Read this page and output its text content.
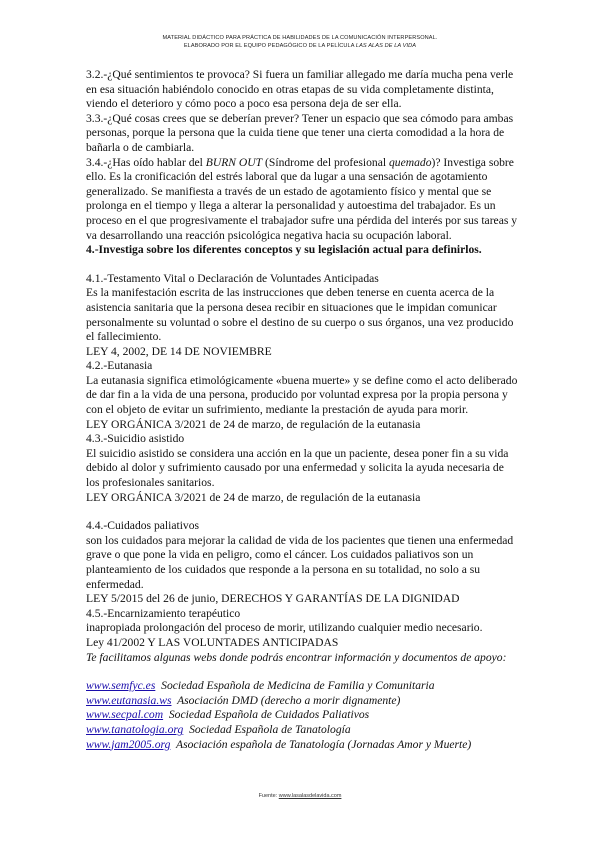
MATERIAL DIDÁCTICO PARA PRÁCTICA DE HABILIDADES DE LA COMUNICACIÓN INTERPERSONAL.
ELABORADO POR EL EQUIPO PEDAGÓGICO DE LA PELÍCULA LAS ALAS DE LA VIDA

3.2.-¿Qué sentimientos te provoca? Si fuera un familiar allegado me daría mucha pena verle en esa situación habiéndolo conocido en otras etapas de su vida completamente distinta, viendo el deterioro y cómo poco a poco esa persona deja de ser ella.

3.3.-¿Qué cosas crees que se deberían prever? Tener un espacio que sea cómodo para ambas personas, porque la persona que la cuida tiene que tener una cierta comodidad a la hora de bañarla o de cambiarla.

3.4.-¿Has oído hablar del BURN OUT (Síndrome del profesional quemado)? Investiga sobre ello. Es la cronificación del estrés laboral que da lugar a una sensación de agotamiento generalizado. Se manifiesta a través de un estado de agotamiento físico y mental que se prolonga en el tiempo y llega a alterar la personalidad y autoestima del trabajador. Es un proceso en el que progresivamente el trabajador sufre una pérdida del interés por sus tareas y va desarrollando una reacción psicológica negativa hacia su ocupación laboral.

4.-Investiga sobre los diferentes conceptos y su legislación actual para definirlos.

4.1.-Testamento Vital o Declaración de Voluntades Anticipadas

Es la manifestación escrita de las instrucciones que deben tenerse en cuenta acerca de la asistencia sanitaria que la persona desea recibir en situaciones que le impidan comunicar personalmente su voluntad o sobre el destino de su cuerpo o sus órganos, una vez producido el fallecimiento.

LEY 4, 2002, DE 14 DE NOVIEMBRE

4.2.-Eutanasia

La eutanasia significa etimológicamente «buena muerte» y se define como el acto deliberado de dar fin a la vida de una persona, producido por voluntad expresa por la propia persona y con el objeto de evitar un sufrimiento, mediante la prestación de ayuda para morir.

LEY ORGÁNICA 3/2021 de 24 de marzo, de regulación de la eutanasia

4.3.-Suicidio asistido

El suicidio asistido se considera una acción en la que un paciente, desea poner fin a su vida debido al dolor y sufrimiento causado por una enfermedad y solicita la ayuda necesaria de los profesionales sanitarios.

LEY ORGÁNICA 3/2021 de 24 de marzo, de regulación de la eutanasia

4.4.-Cuidados paliativos

son los cuidados para mejorar la calidad de vida de los pacientes que tienen una enfermedad grave o que pone la vida en peligro, como el cáncer. Los cuidados paliativos son un planteamiento de los cuidados que responde a la persona en su totalidad, no solo a su enfermedad.

LEY 5/2015 del 26 de junio, DERECHOS Y GARANTÍAS DE LA DIGNIDAD

4.5.-Encarnizamiento terapéutico

inapropiada prolongación del proceso de morir, utilizando cualquier medio necesario.

Ley 41/2002 Y LAS VOLUNTADES ANTICIPADAS

Te facilitamos algunas webs donde podrás encontrar información y documentos de apoyo:

www.semfyc.es Sociedad Española de Medicina de Familia y Comunitaria

www.eutanasia.ws Asociación DMD (derecho a morir dignamente)

www.secpal.com Sociedad Española de Cuidados Paliativos

www.tanatologia.org Sociedad Española de Tanatología

www.jam2005.org Asociación española de Tanatología (Jornadas Amor y Muerte)

Fuente: www.lasalasdelavida.com
